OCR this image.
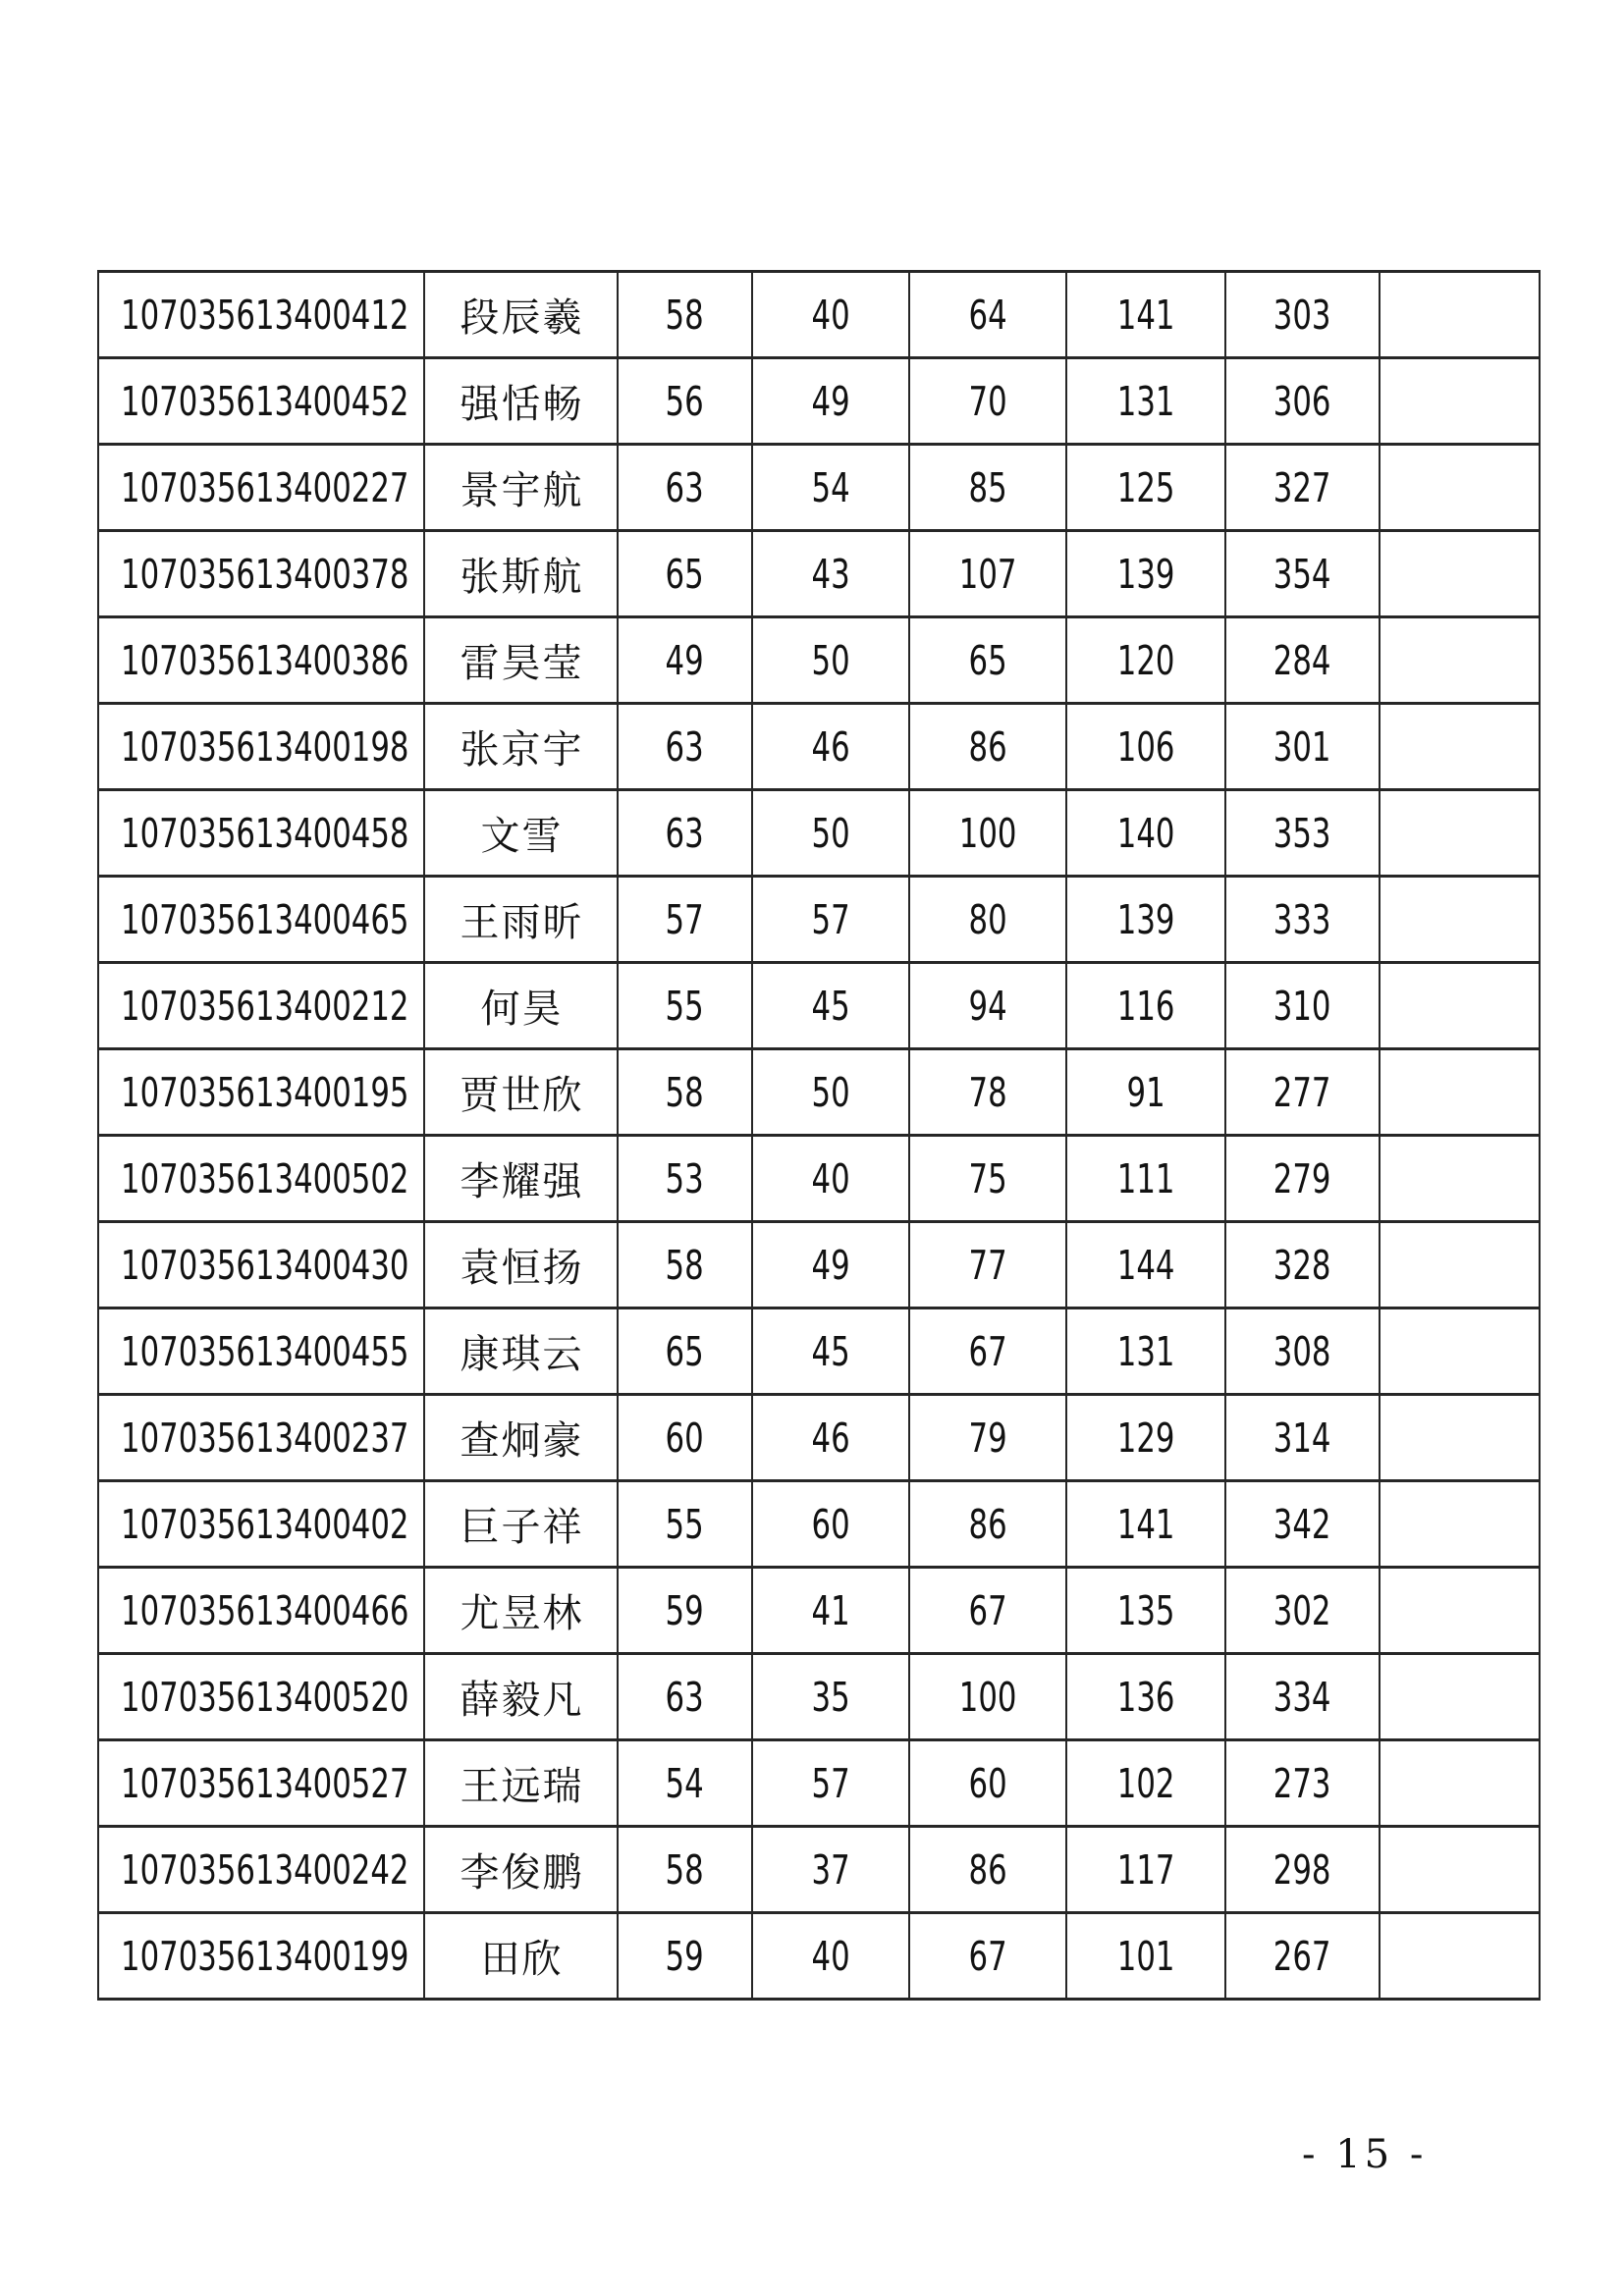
107035613400412	段辰羲	58	40	64	141	303	
107035613400452	强恬畅	56	49	70	131	306	
107035613400227	景宇航	63	54	85	125	327	
107035613400378	张斯航	65	43	107	139	354	
107035613400386	雷昊莹	49	50	65	120	284	
107035613400198	张京宇	63	46	86	106	301	
107035613400458	文雪	63	50	100	140	353	
107035613400465	王雨昕	57	57	80	139	333	
107035613400212	何昊	55	45	94	116	310	
107035613400195	贾世欣	58	50	78	91	277	
107035613400502	李耀强	53	40	75	111	279	
107035613400430	袁恒扬	58	49	77	144	328	
107035613400455	康琪云	65	45	67	131	308	
107035613400237	查炯豪	60	46	79	129	314	
107035613400402	巨子祥	55	60	86	141	342	
107035613400466	尤昱林	59	41	67	135	302	
107035613400520	薛毅凡	63	35	100	136	334	
107035613400527	王远瑞	54	57	60	102	273	
107035613400242	李俊鹏	58	37	86	117	298	
107035613400199	田欣	59	40	67	101	267	
- 15 -
